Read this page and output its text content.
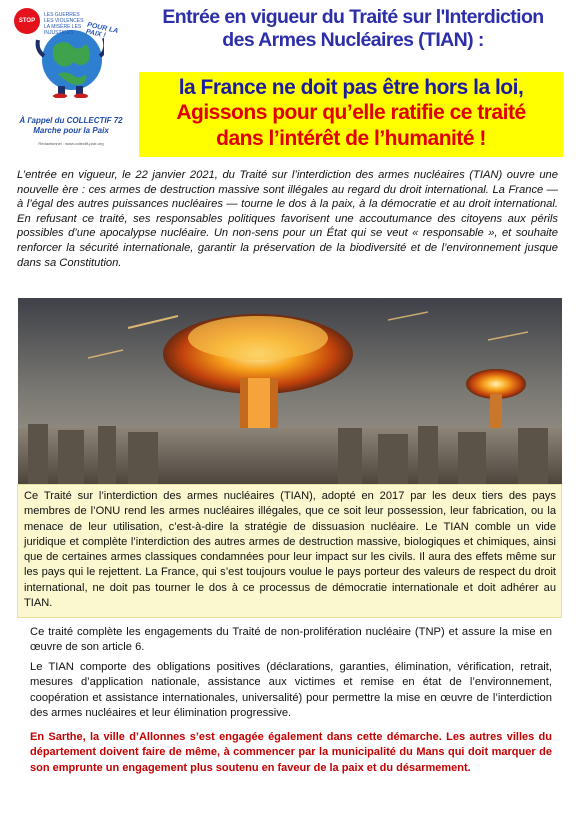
STOP
LES GUERRES LES VIOLENCES LA MISÈRE LES INJUSTICES	POUR LA PAIX !
À l'appel du COLLECTIF 72
Marche pour la Paix
Rédactionnel : www.collectif-paix.org
Entrée en vigueur du Traité sur l'Interdiction
des Armes Nucléaires (TIAN) :
la France ne doit pas être hors la loi,
Agissons pour qu’elle ratifie ce traité
dans l’intérêt de l’humanité !

L’entrée en vigueur, le 22 janvier 2021, du Traité sur l’interdiction des armes nucléaires (TIAN) ouvre une nouvelle ère : ces armes de destruction massive sont illégales au regard du droit international. La France — à l’égal des autres puissances nucléaires — tourne le dos à la paix, à la démocratie et au droit international. En refusant ce traité, ses responsables politiques favorisent une accoutumance des citoyens aux périls possibles d’une apocalypse nucléaire. Un non-sens pour un État qui se veut « responsable », et souhaite renforcer la sécurité internationale, garantir la préservation de la biodiversité et de l’environnement jusque dans sa Constitution.

Ce Traité sur l’interdiction des armes nucléaires (TIAN), adopté en 2017 par les deux tiers des pays membres de l’ONU rend les armes nucléaires illégales, que ce soit leur possession, leur fabrication, ou la menace de leur utilisation, c’est-à-dire la stratégie de dissuasion nucléaire. Le TIAN comble un vide juridique et complète l’interdiction des autres armes de destruction massive, biologiques et chimiques, ainsi que de certaines armes classiques condamnées pour leur impact sur les civils. Il aura des effets même sur les pays qui le rejettent. La France, qui s’est toujours voulue le pays porteur des valeurs de respect du droit international, ne doit pas tourner le dos à ce processus de démocratie internationale et doit adhérer au TIAN.

Ce traité complète les engagements du Traité de non-prolifération nucléaire (TNP) et assure la mise en œuvre de son article 6.

Le TIAN comporte des obligations positives (déclarations, garanties, élimination, vérification, retrait, mesures d’application nationale, assistance aux victimes et remise en état de l’environnement, coopération et assistance internationales, universalité) pour permettre la mise en œuvre de l’interdiction des armes nucléaires et leur élimination progressive.

En Sarthe, la ville d’Allonnes s’est engagée également dans cette démarche. Les autres villes du département doivent faire de même, à commencer par la municipalité du Mans qui doit marquer de son emprunte un engagement plus soutenu en faveur de la paix et du désarmement.
